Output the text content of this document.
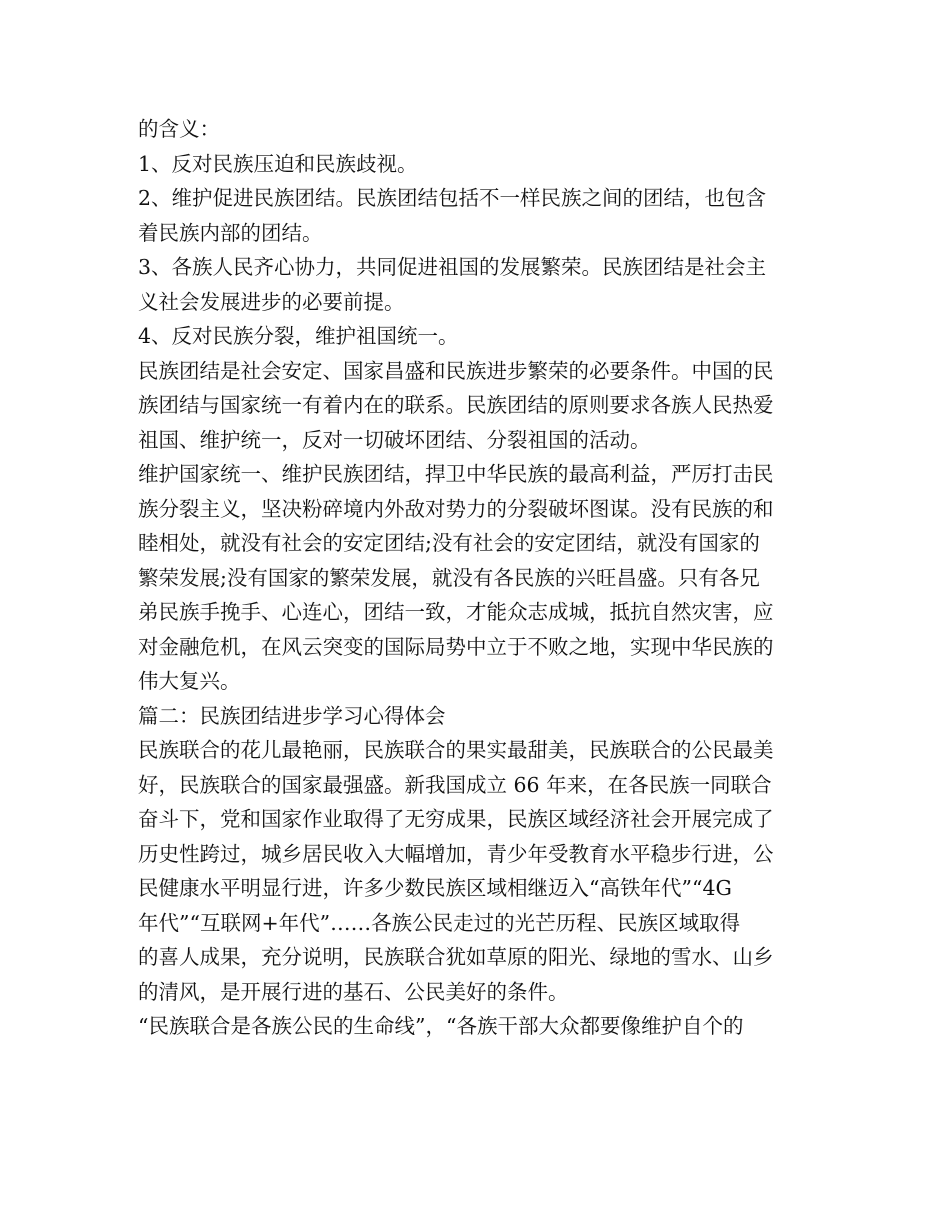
的含义：
1、反对民族压迫和民族歧视。
2、维护促进民族团结。民族团结包括不一样民族之间的团结，也包含
着民族内部的团结。
3、各族人民齐心协力，共同促进祖国的发展繁荣。民族团结是社会主
义社会发展进步的必要前提。
4、反对民族分裂，维护祖国统一。
民族团结是社会安定、国家昌盛和民族进步繁荣的必要条件。中国的民
族团结与国家统一有着内在的联系。民族团结的原则要求各族人民热爱
祖国、维护统一，反对一切破坏团结、分裂祖国的活动。
维护国家统一、维护民族团结，捍卫中华民族的最高利益，严厉打击民
族分裂主义，坚决粉碎境内外敌对势力的分裂破坏图谋。没有民族的和
睦相处，就没有社会的安定团结;没有社会的安定团结，就没有国家的
繁荣发展;没有国家的繁荣发展，就没有各民族的兴旺昌盛。只有各兄
弟民族手挽手、心连心，团结一致，才能众志成城，抵抗自然灾害，应
对金融危机，在风云突变的国际局势中立于不败之地，实现中华民族的
伟大复兴。
篇二：民族团结进步学习心得体会
民族联合的花儿最艳丽，民族联合的果实最甜美，民族联合的公民最美
好，民族联合的国家最强盛。新我国成立 66 年来，在各民族一同联合
奋斗下，党和国家作业取得了无穷成果，民族区域经济社会开展完成了
历史性跨过，城乡居民收入大幅增加，青少年受教育水平稳步行进，公
民健康水平明显行进，许多少数民族区域相继迈入“高铁年代”“4G
年代”“互联网+年代”……各族公民走过的光芒历程、民族区域取得
的喜人成果，充分说明，民族联合犹如草原的阳光、绿地的雪水、山乡
的清风，是开展行进的基石、公民美好的条件。
“民族联合是各族公民的生命线”，“各族干部大众都要像维护自个的
